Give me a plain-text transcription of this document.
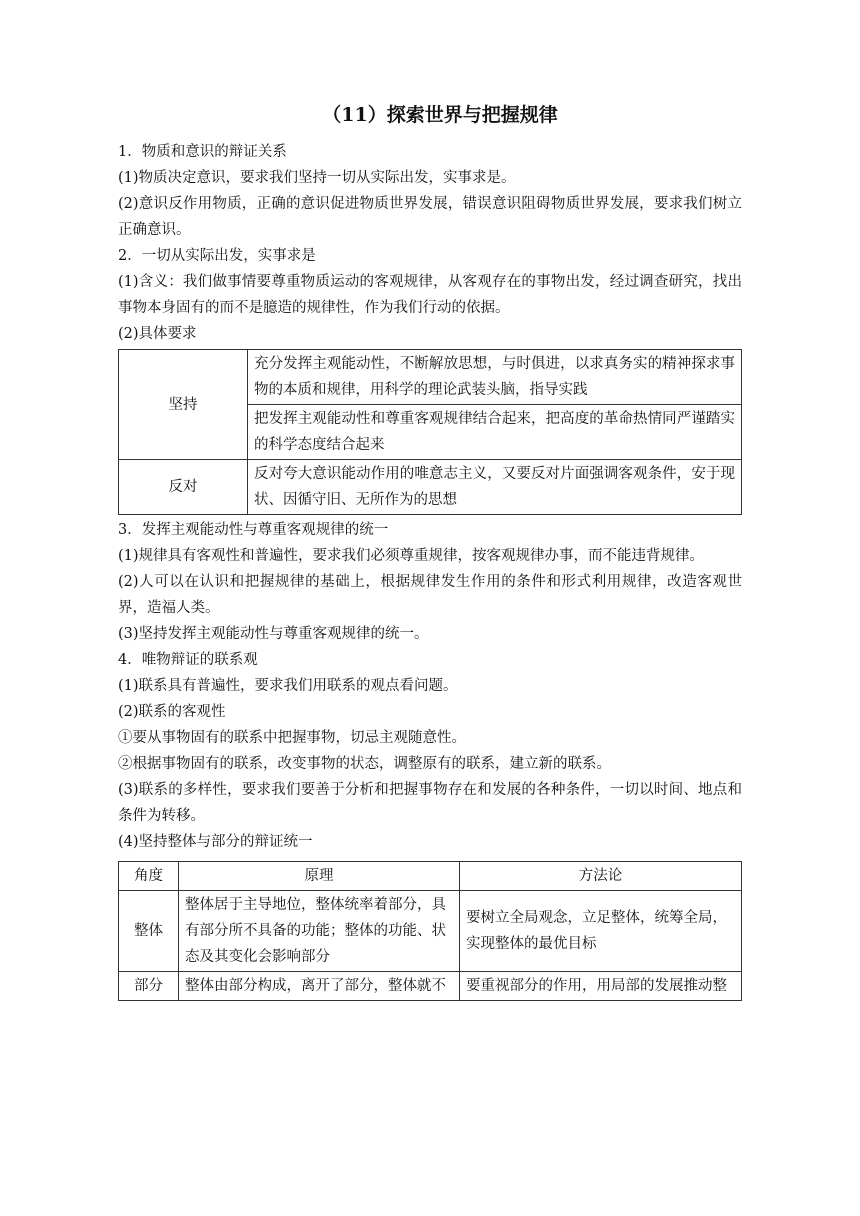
（11）探索世界与把握规律

1．物质和意识的辩证关系

(1)物质决定意识，要求我们坚持一切从实际出发，实事求是。

(2)意识反作用物质，正确的意识促进物质世界发展，错误意识阻碍物质世界发展，要求我们树立正确意识。

2．一切从实际出发，实事求是

(1)含义：我们做事情要尊重物质运动的客观规律，从客观存在的事物出发，经过调查研究，找出事物本身固有的而不是臆造的规律性，作为我们行动的依据。

(2)具体要求

坚持	充分发挥主观能动性，不断解放思想，与时俱进，以求真务实的精神探求事物的本质和规律，用科学的理论武装头脑，指导实践
	把发挥主观能动性和尊重客观规律结合起来，把高度的革命热情同严谨踏实的科学态度结合起来
反对	反对夸大意识能动作用的唯意志主义，又要反对片面强调客观条件，安于现状、因循守旧、无所作为的思想

3．发挥主观能动性与尊重客观规律的统一

(1)规律具有客观性和普遍性，要求我们必须尊重规律，按客观规律办事，而不能违背规律。

(2)人可以在认识和把握规律的基础上，根据规律发生作用的条件和形式利用规律，改造客观世界，造福人类。

(3)坚持发挥主观能动性与尊重客观规律的统一。

4．唯物辩证的联系观

(1)联系具有普遍性，要求我们用联系的观点看问题。

(2)联系的客观性

①要从事物固有的联系中把握事物，切忌主观随意性。

②根据事物固有的联系，改变事物的状态，调整原有的联系，建立新的联系。

(3)联系的多样性，要求我们要善于分析和把握事物存在和发展的各种条件，一切以时间、地点和条件为转移。

(4)坚持整体与部分的辩证统一

角度	原理	方法论
整体	整体居于主导地位，整体统率着部分，具有部分所不具备的功能；整体的功能、状态及其变化会影响部分	要树立全局观念，立足整体，统筹全局，实现整体的最优目标
部分	整体由部分构成，离开了部分，整体就不	要重视部分的作用，用局部的发展推动整
